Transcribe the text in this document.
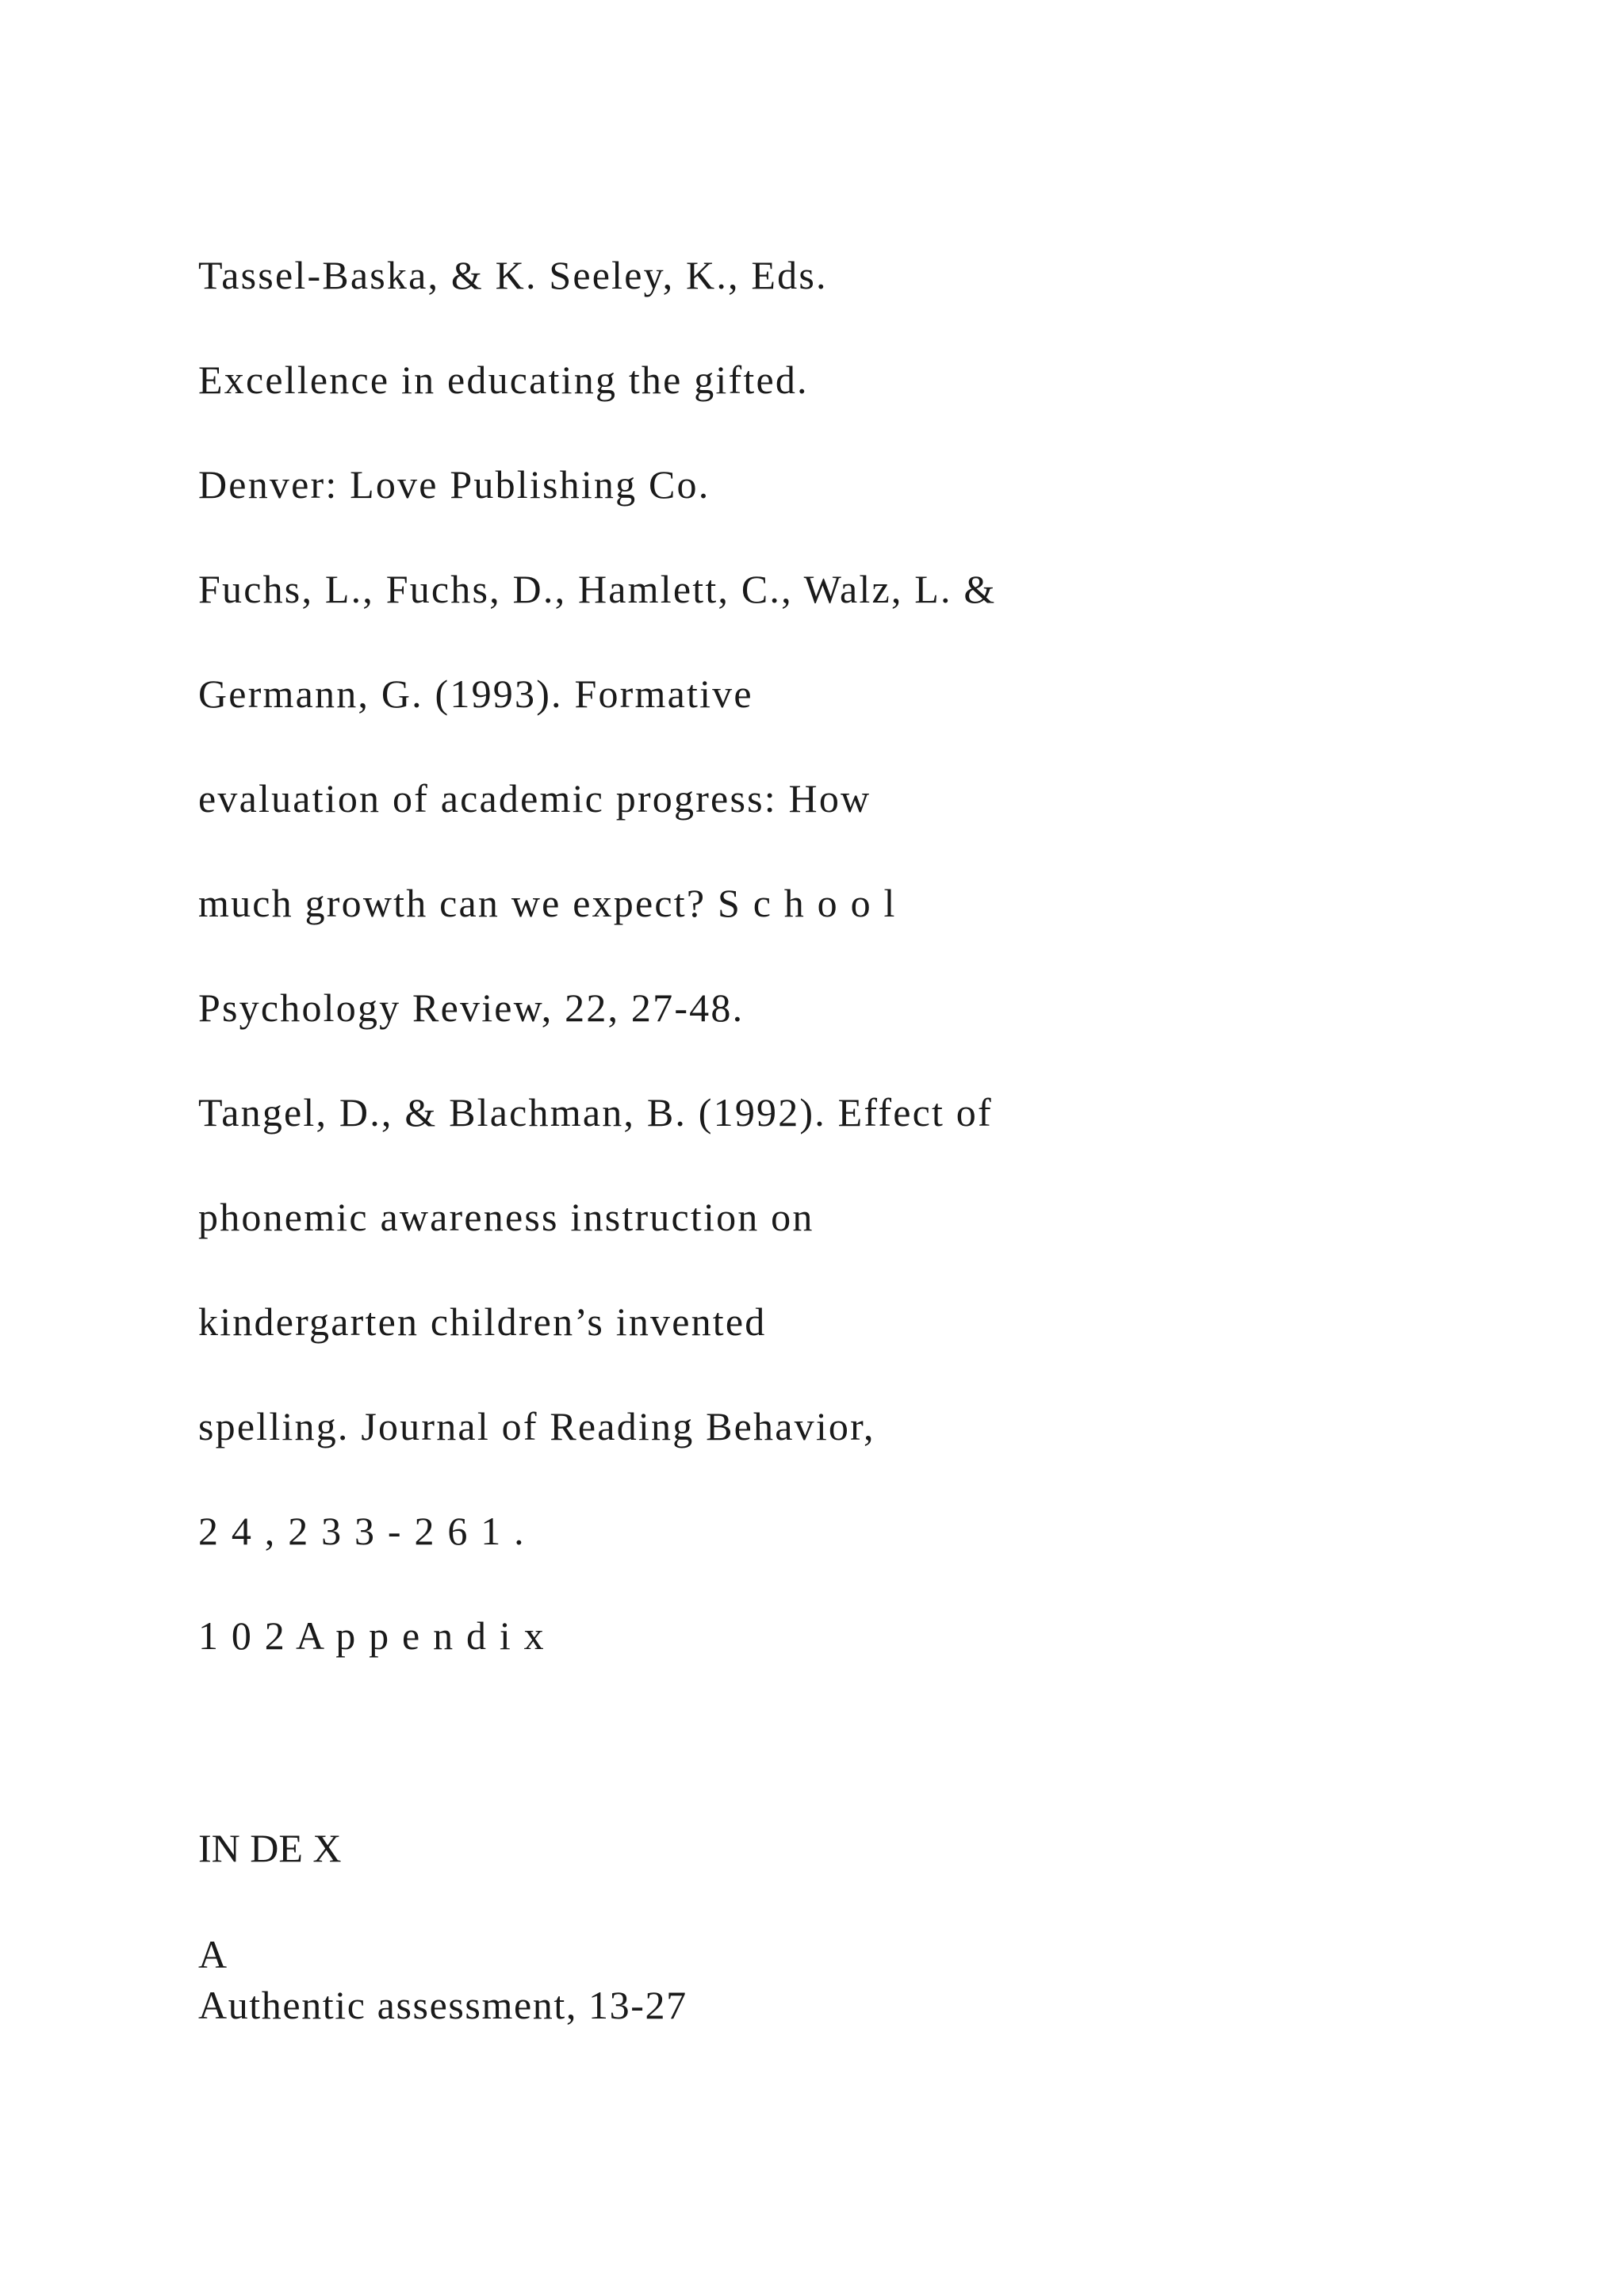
Tassel-Baska, & K. Seeley, K., Eds.

Excellence in educating the gifted.

Denver: Love Publishing Co.

Fuchs, L., Fuchs, D., Hamlett, C., Walz, L. &

Germann, G. (1993). Formative

evaluation of academic progress: How

much growth can we expect? S c h o o l

Psychology Review, 22, 27-48.

Tangel, D., & Blachman, B. (1992). Effect of

phonemic awareness instruction on

kindergarten children’s invented

spelling. Journal of Reading Behavior,

2 4 , 2 3 3 - 2 6 1 .

1 0 2 A p p e n d i x

IN DE X

A

Authentic assessment, 13-27
